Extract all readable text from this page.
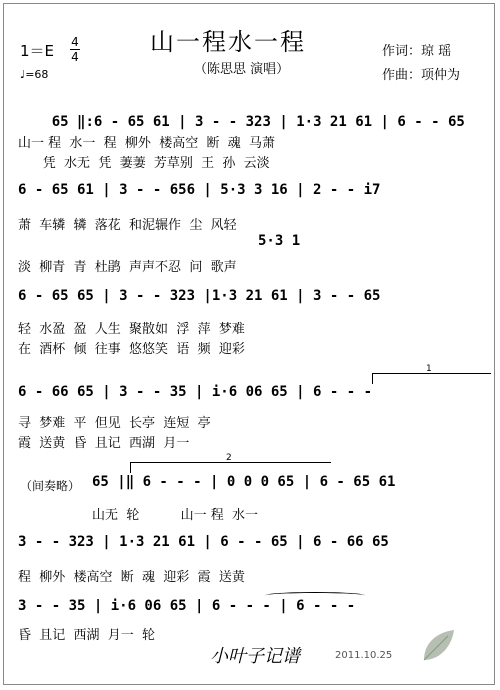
山一程水一程
（陈思思 演唱）
1＝E 4
4
♩=68
作词：琼 瑶
作曲：项仲为

65 ‖:6 - 65 61 | 3 - - 323 | 1·3 21 61 | 6 - - 65

山一 程  水一  程  柳外  楼高空  断  魂  马萧
凭  水无  凭  萋萋  芳草别  王  孙  云淡
6 - 65 61 | 3 - - 656 | 5·3 3 16 | 2 - - i7
萧  车辚  辚  落花  和泥辗作  尘  风轻
5·3 1
淡  柳青  青  杜鹃  声声不忍  问  歌声
6 - 65 65 | 3 - - 323 |1·3 21 61 | 3 - - 65
轻  水盈  盈  人生  聚散如  浮  萍  梦难
在  酒杯  倾  往事  悠悠笑  语  频  迎彩
1
6 - 66 65 | 3 - - 35 | i·6 06 65 | 6 - - -
寻  梦难  平  但见  长亭  连短  亭
霞  送黄  昏  且记  西湖  月一
2
（间奏略） 65 |‖ 6 - - - | 0 0 0 65 | 6 - 65 61
山无  轮          山一 程  水一
3 - - 323 | 1·3 21 61 | 6 - - 65 | 6 - 66 65
程  柳外  楼高空  断  魂  迎彩  霞  送黄
3 - - 35 | i·6 06 65 | 6 - - - | 6 - - -
昏  且记  西湖  月一  轮
小叶子记谱	2011.10.25
